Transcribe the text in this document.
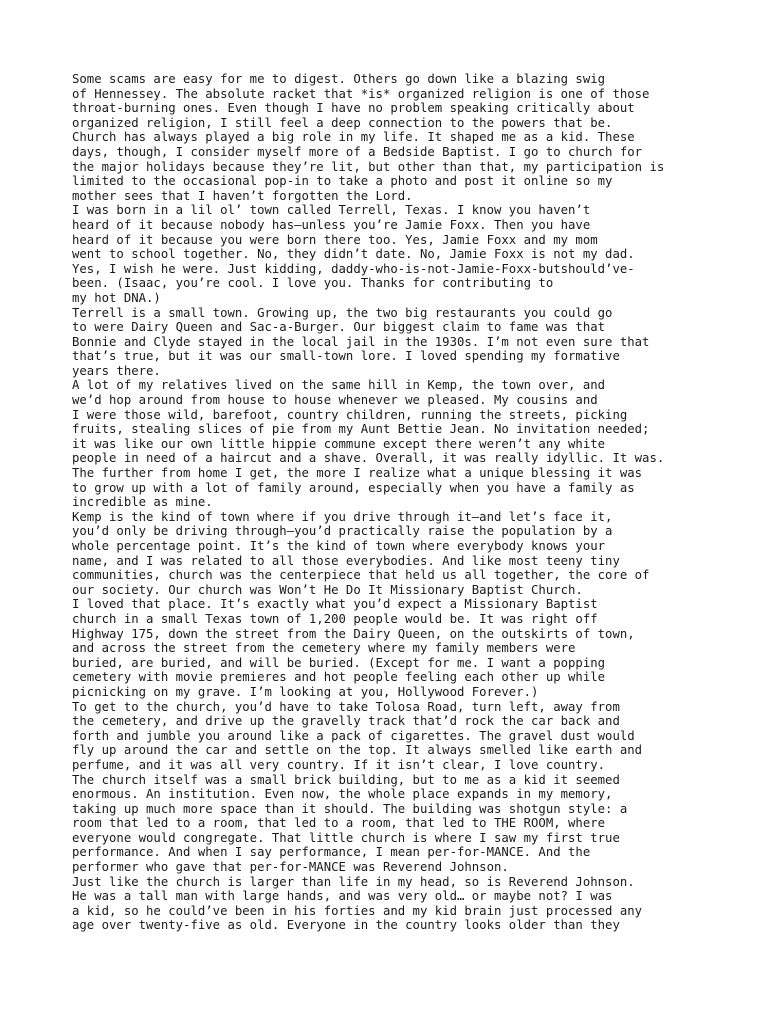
Some scams are easy for me to digest. Others go down like a blazing swig
of Hennessey. The absolute racket that *is* organized religion is one of those
throat-burning ones. Even though I have no problem speaking critically about
organized religion, I still feel a deep connection to the powers that be.
Church has always played a big role in my life. It shaped me as a kid. These
days, though, I consider myself more of a Bedside Baptist. I go to church for
the major holidays because they’re lit, but other than that, my participation is
limited to the occasional pop-in to take a photo and post it online so my
mother sees that I haven’t forgotten the Lord.
I was born in a lil ol’ town called Terrell, Texas. I know you haven’t
heard of it because nobody has—unless you’re Jamie Foxx. Then you have
heard of it because you were born there too. Yes, Jamie Foxx and my mom
went to school together. No, they didn’t date. No, Jamie Foxx is not my dad.
Yes, I wish he were. Just kidding, daddy-who-is-not-Jamie-Foxx-butshould’ve-
been. (Isaac, you’re cool. I love you. Thanks for contributing to
my hot DNA.)
Terrell is a small town. Growing up, the two big restaurants you could go
to were Dairy Queen and Sac-a-Burger. Our biggest claim to fame was that
Bonnie and Clyde stayed in the local jail in the 1930s. I’m not even sure that
that’s true, but it was our small-town lore. I loved spending my formative
years there.
A lot of my relatives lived on the same hill in Kemp, the town over, and
we’d hop around from house to house whenever we pleased. My cousins and
I were those wild, barefoot, country children, running the streets, picking
fruits, stealing slices of pie from my Aunt Bettie Jean. No invitation needed;
it was like our own little hippie commune except there weren’t any white
people in need of a haircut and a shave. Overall, it was really idyllic. It was.
The further from home I get, the more I realize what a unique blessing it was
to grow up with a lot of family around, especially when you have a family as
incredible as mine.
Kemp is the kind of town where if you drive through it—and let’s face it,
you’d only be driving through—you’d practically raise the population by a
whole percentage point. It’s the kind of town where everybody knows your
name, and I was related to all those everybodies. And like most teeny tiny
communities, church was the centerpiece that held us all together, the core of
our society. Our church was Won’t He Do It Missionary Baptist Church.
I loved that place. It’s exactly what you’d expect a Missionary Baptist
church in a small Texas town of 1,200 people would be. It was right off
Highway 175, down the street from the Dairy Queen, on the outskirts of town,
and across the street from the cemetery where my family members were
buried, are buried, and will be buried. (Except for me. I want a popping
cemetery with movie premieres and hot people feeling each other up while
picnicking on my grave. I’m looking at you, Hollywood Forever.)
To get to the church, you’d have to take Tolosa Road, turn left, away from
the cemetery, and drive up the gravelly track that’d rock the car back and
forth and jumble you around like a pack of cigarettes. The gravel dust would
fly up around the car and settle on the top. It always smelled like earth and
perfume, and it was all very country. If it isn’t clear, I love country.
The church itself was a small brick building, but to me as a kid it seemed
enormous. An institution. Even now, the whole place expands in my memory,
taking up much more space than it should. The building was shotgun style: a
room that led to a room, that led to a room, that led to THE ROOM, where
everyone would congregate. That little church is where I saw my first true
performance. And when I say performance, I mean per-for-MANCE. And the
performer who gave that per-for-MANCE was Reverend Johnson.
Just like the church is larger than life in my head, so is Reverend Johnson.
He was a tall man with large hands, and was very old… or maybe not? I was
a kid, so he could’ve been in his forties and my kid brain just processed any
age over twenty-five as old. Everyone in the country looks older than they
